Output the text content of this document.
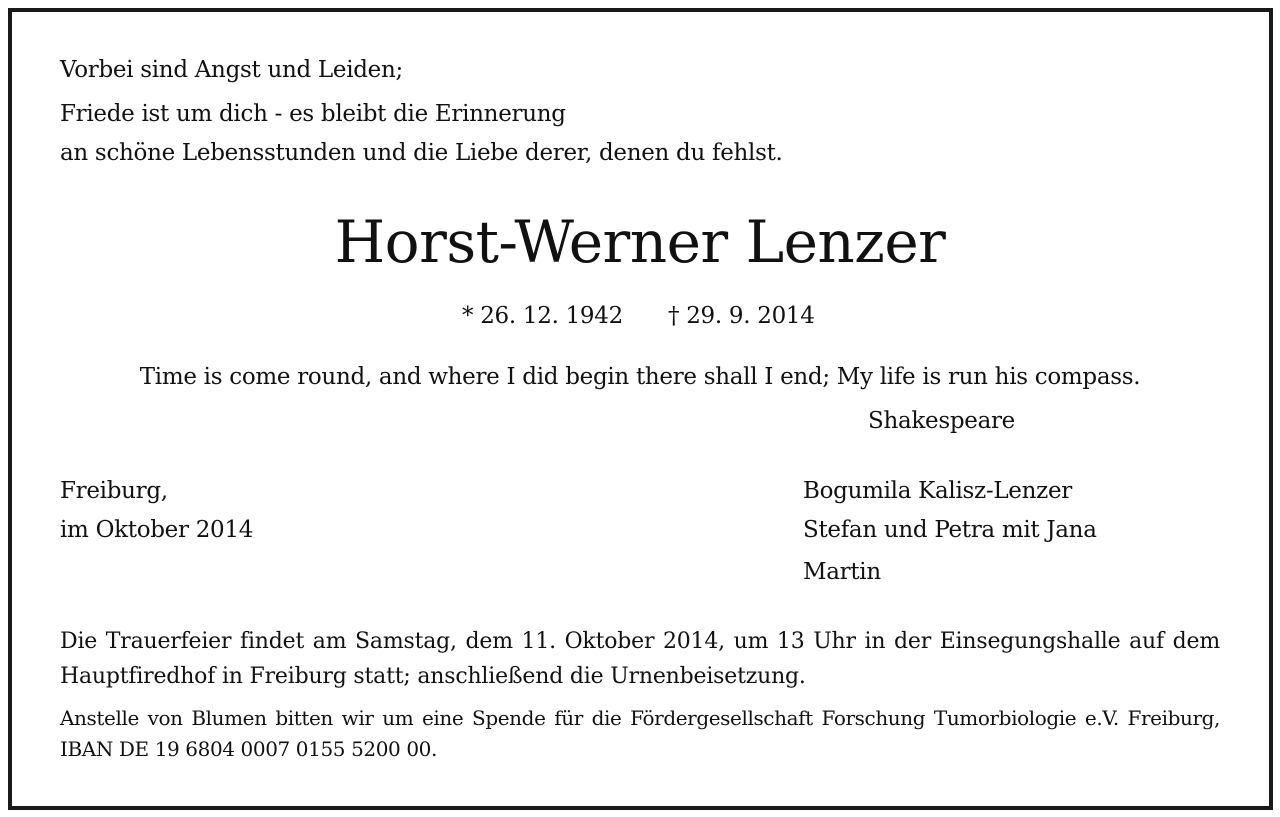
Vorbei sind Angst und Leiden;
Friede ist um dich - es bleibt die Erinnerung
an schöne Lebensstunden und die Liebe derer, denen du fehlst.
Horst-Werner Lenzer
* 26. 12. 1942 † 29. 9. 2014
Time is come round, and where I did begin there shall I end; My life is run his compass.
Shakespeare
Freiburg,
im Oktober 2014
Bogumila Kalisz-Lenzer
Stefan und Petra mit Jana
Martin
Die Trauerfeier findet am Samstag, dem 11. Oktober 2014, um 13 Uhr in der Einsegungshalle auf dem Hauptfiredhof in Freiburg statt; anschließend die Urnenbeisetzung.
Anstelle von Blumen bitten wir um eine Spende für die Fördergesellschaft Forschung Tumorbiologie e.V. Freiburg, IBAN DE 19 6804 0007 0155 5200 00.
